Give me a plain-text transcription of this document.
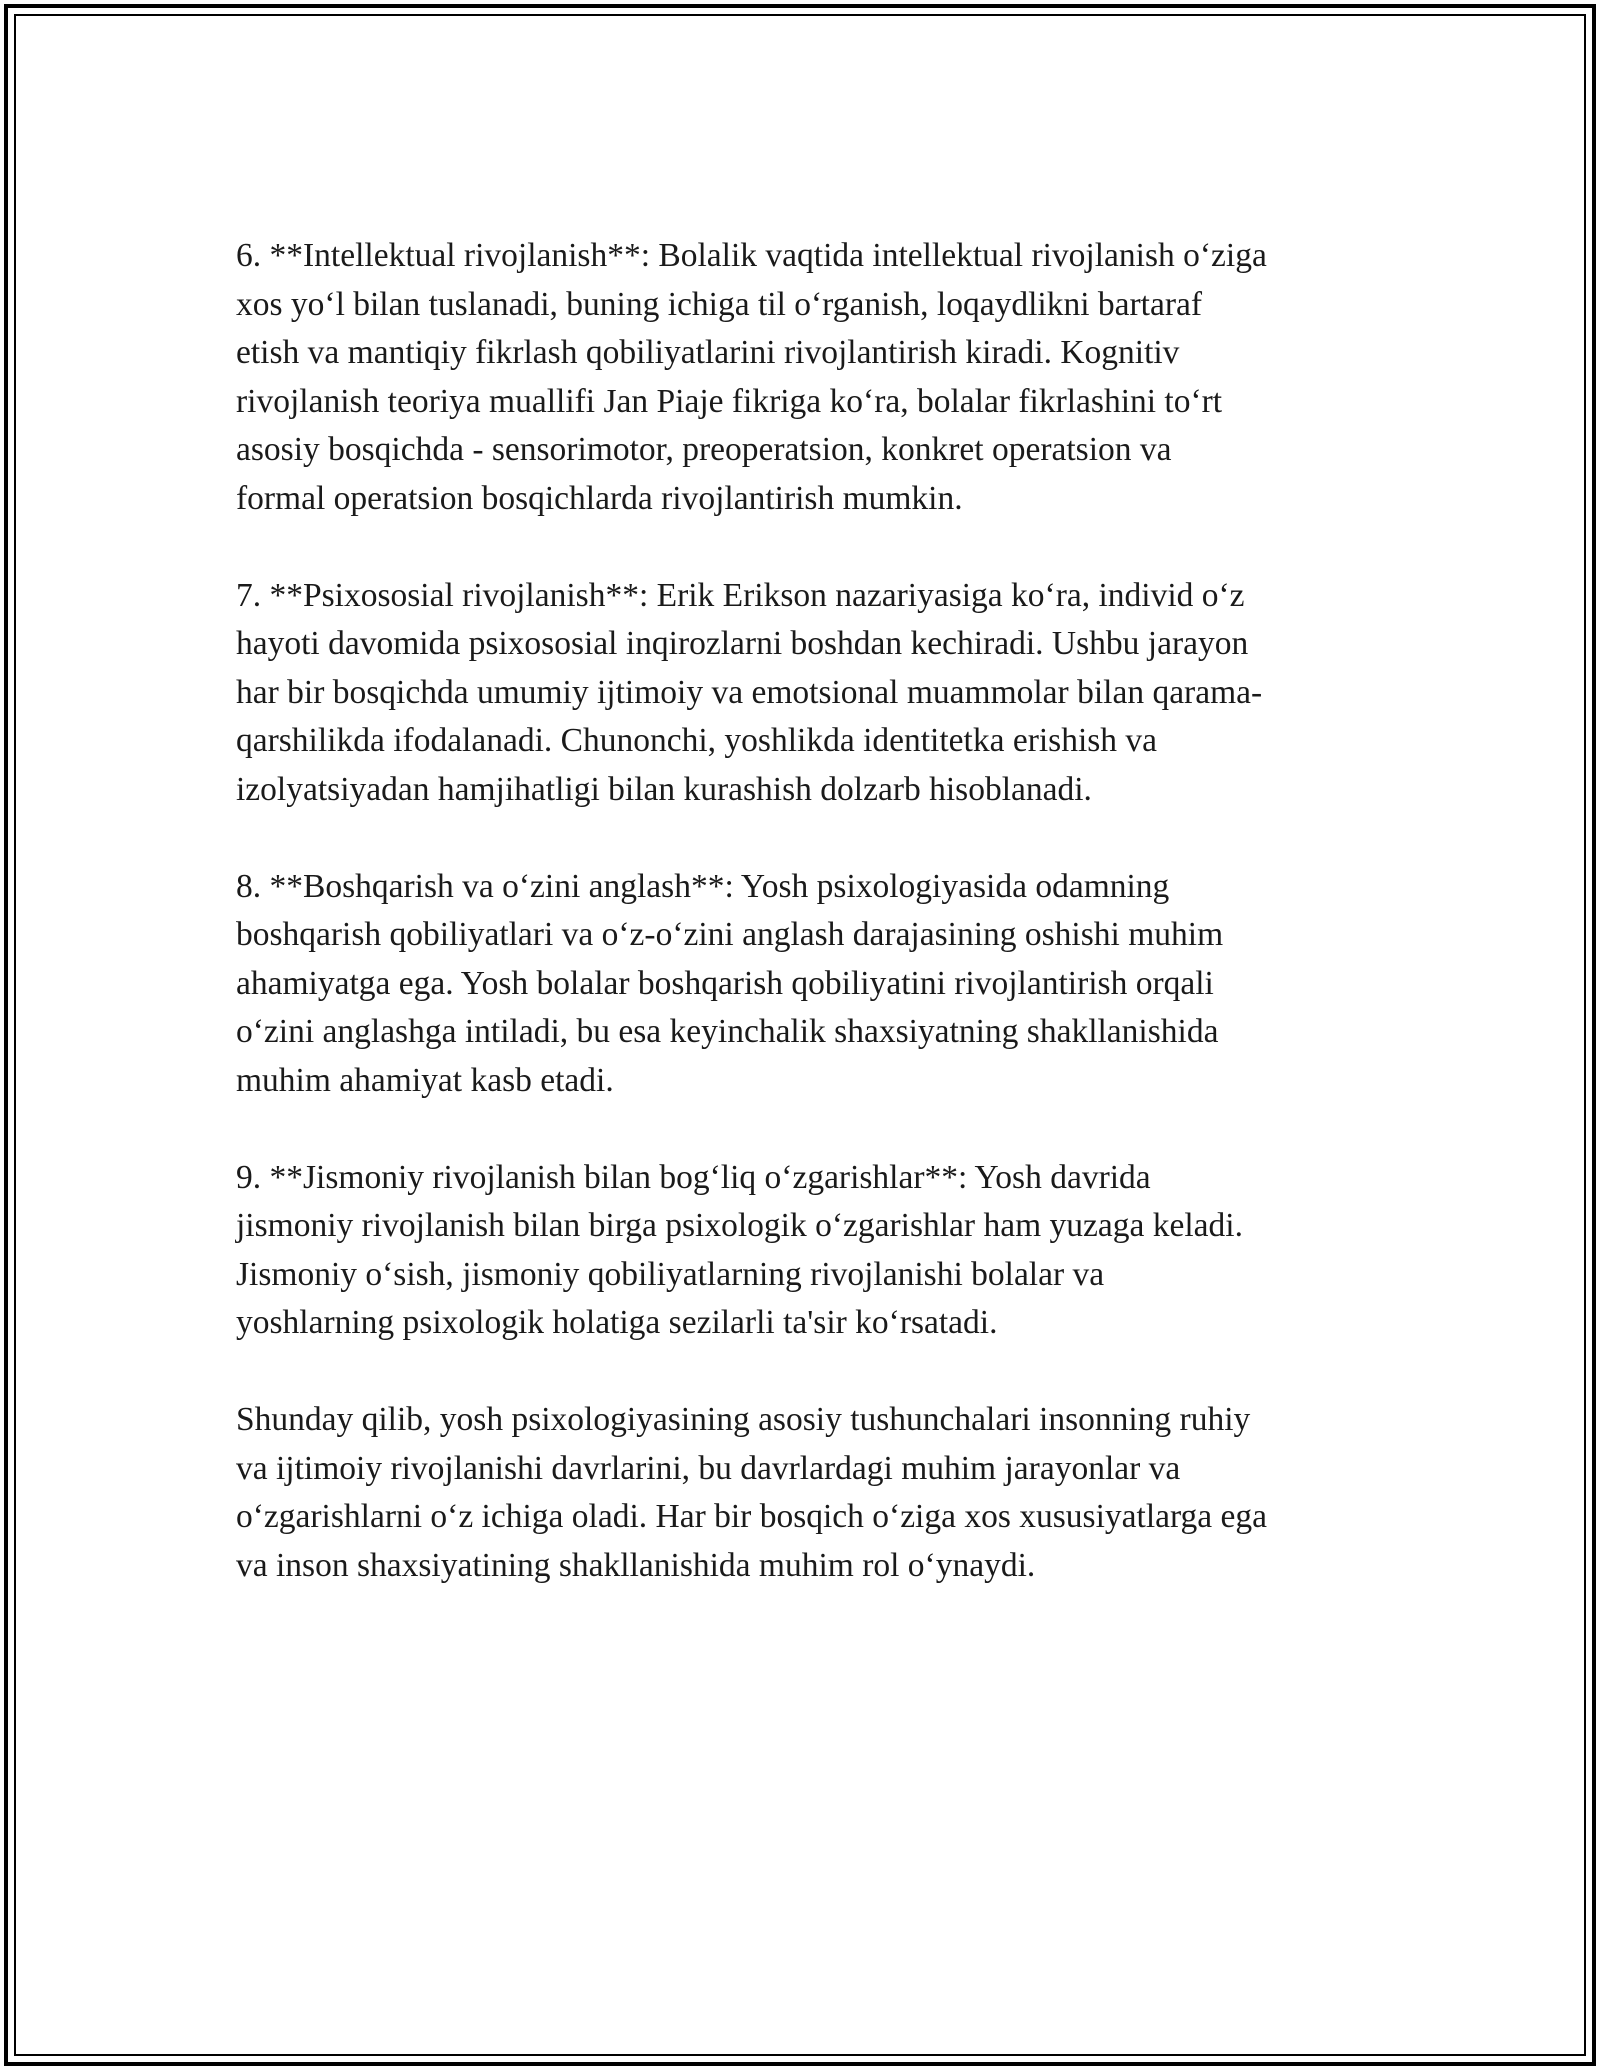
6. **Intellektual rivojlanish**: Bolalik vaqtida intellektual rivojlanish o‘ziga
xos yo‘l bilan tuslanadi, buning ichiga til o‘rganish, loqaydlikni bartaraf
etish va mantiqiy fikrlash qobiliyatlarini rivojlantirish kiradi. Kognitiv
rivojlanish teoriya muallifi Jan Piaje fikriga ko‘ra, bolalar fikrlashini to‘rt
asosiy bosqichda - sensorimotor, preoperatsion, konkret operatsion va
formal operatsion bosqichlarda rivojlantirish mumkin.

7. **Psixososial rivojlanish**: Erik Erikson nazariyasiga ko‘ra, individ o‘z
hayoti davomida psixososial inqirozlarni boshdan kechiradi. Ushbu jarayon
har bir bosqichda umumiy ijtimoiy va emotsional muammolar bilan qarama-
qarshilikda ifodalanadi. Chunonchi, yoshlikda identitetka erishish va
izolyatsiyadan hamjihatligi bilan kurashish dolzarb hisoblanadi.

8. **Boshqarish va o‘zini anglash**: Yosh psixologiyasida odamning
boshqarish qobiliyatlari va o‘z-o‘zini anglash darajasining oshishi muhim
ahamiyatga ega. Yosh bolalar boshqarish qobiliyatini rivojlantirish orqali
o‘zini anglashga intiladi, bu esa keyinchalik shaxsiyatning shakllanishida
muhim ahamiyat kasb etadi.

9. **Jismoniy rivojlanish bilan bog‘liq o‘zgarishlar**: Yosh davrida
jismoniy rivojlanish bilan birga psixologik o‘zgarishlar ham yuzaga keladi.
Jismoniy o‘sish, jismoniy qobiliyatlarning rivojlanishi bolalar va
yoshlarning psixologik holatiga sezilarli ta'sir ko‘rsatadi.

Shunday qilib, yosh psixologiyasining asosiy tushunchalari insonning ruhiy
va ijtimoiy rivojlanishi davrlarini, bu davrlardagi muhim jarayonlar va
o‘zgarishlarni o‘z ichiga oladi. Har bir bosqich o‘ziga xos xususiyatlarga ega
va inson shaxsiyatining shakllanishida muhim rol o‘ynaydi.
